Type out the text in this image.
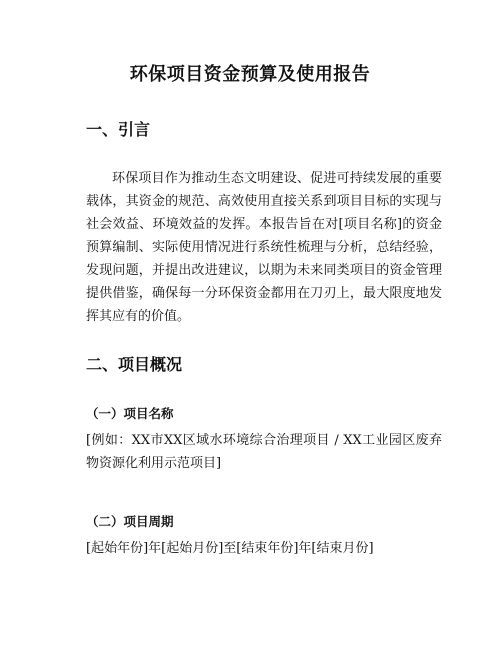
环保项目资金预算及使用报告
一、引言
环保项目作为推动生态文明建设、促进可持续发展的重要载体，其资金的规范、高效使用直接关系到项目目标的实现与社会效益、环境效益的发挥。本报告旨在对[项目名称]的资金预算编制、实际使用情况进行系统性梳理与分析，总结经验，发现问题，并提出改进建议，以期为未来同类项目的资金管理提供借鉴，确保每一分环保资金都用在刀刃上，最大限度地发挥其应有的价值。
二、项目概况
（一）项目名称
[例如：XX市XX区域水环境综合治理项目 / XX工业园区废弃物资源化利用示范项目]
（二）项目周期
[起始年份]年[起始月份]至[结束年份]年[结束月份]
